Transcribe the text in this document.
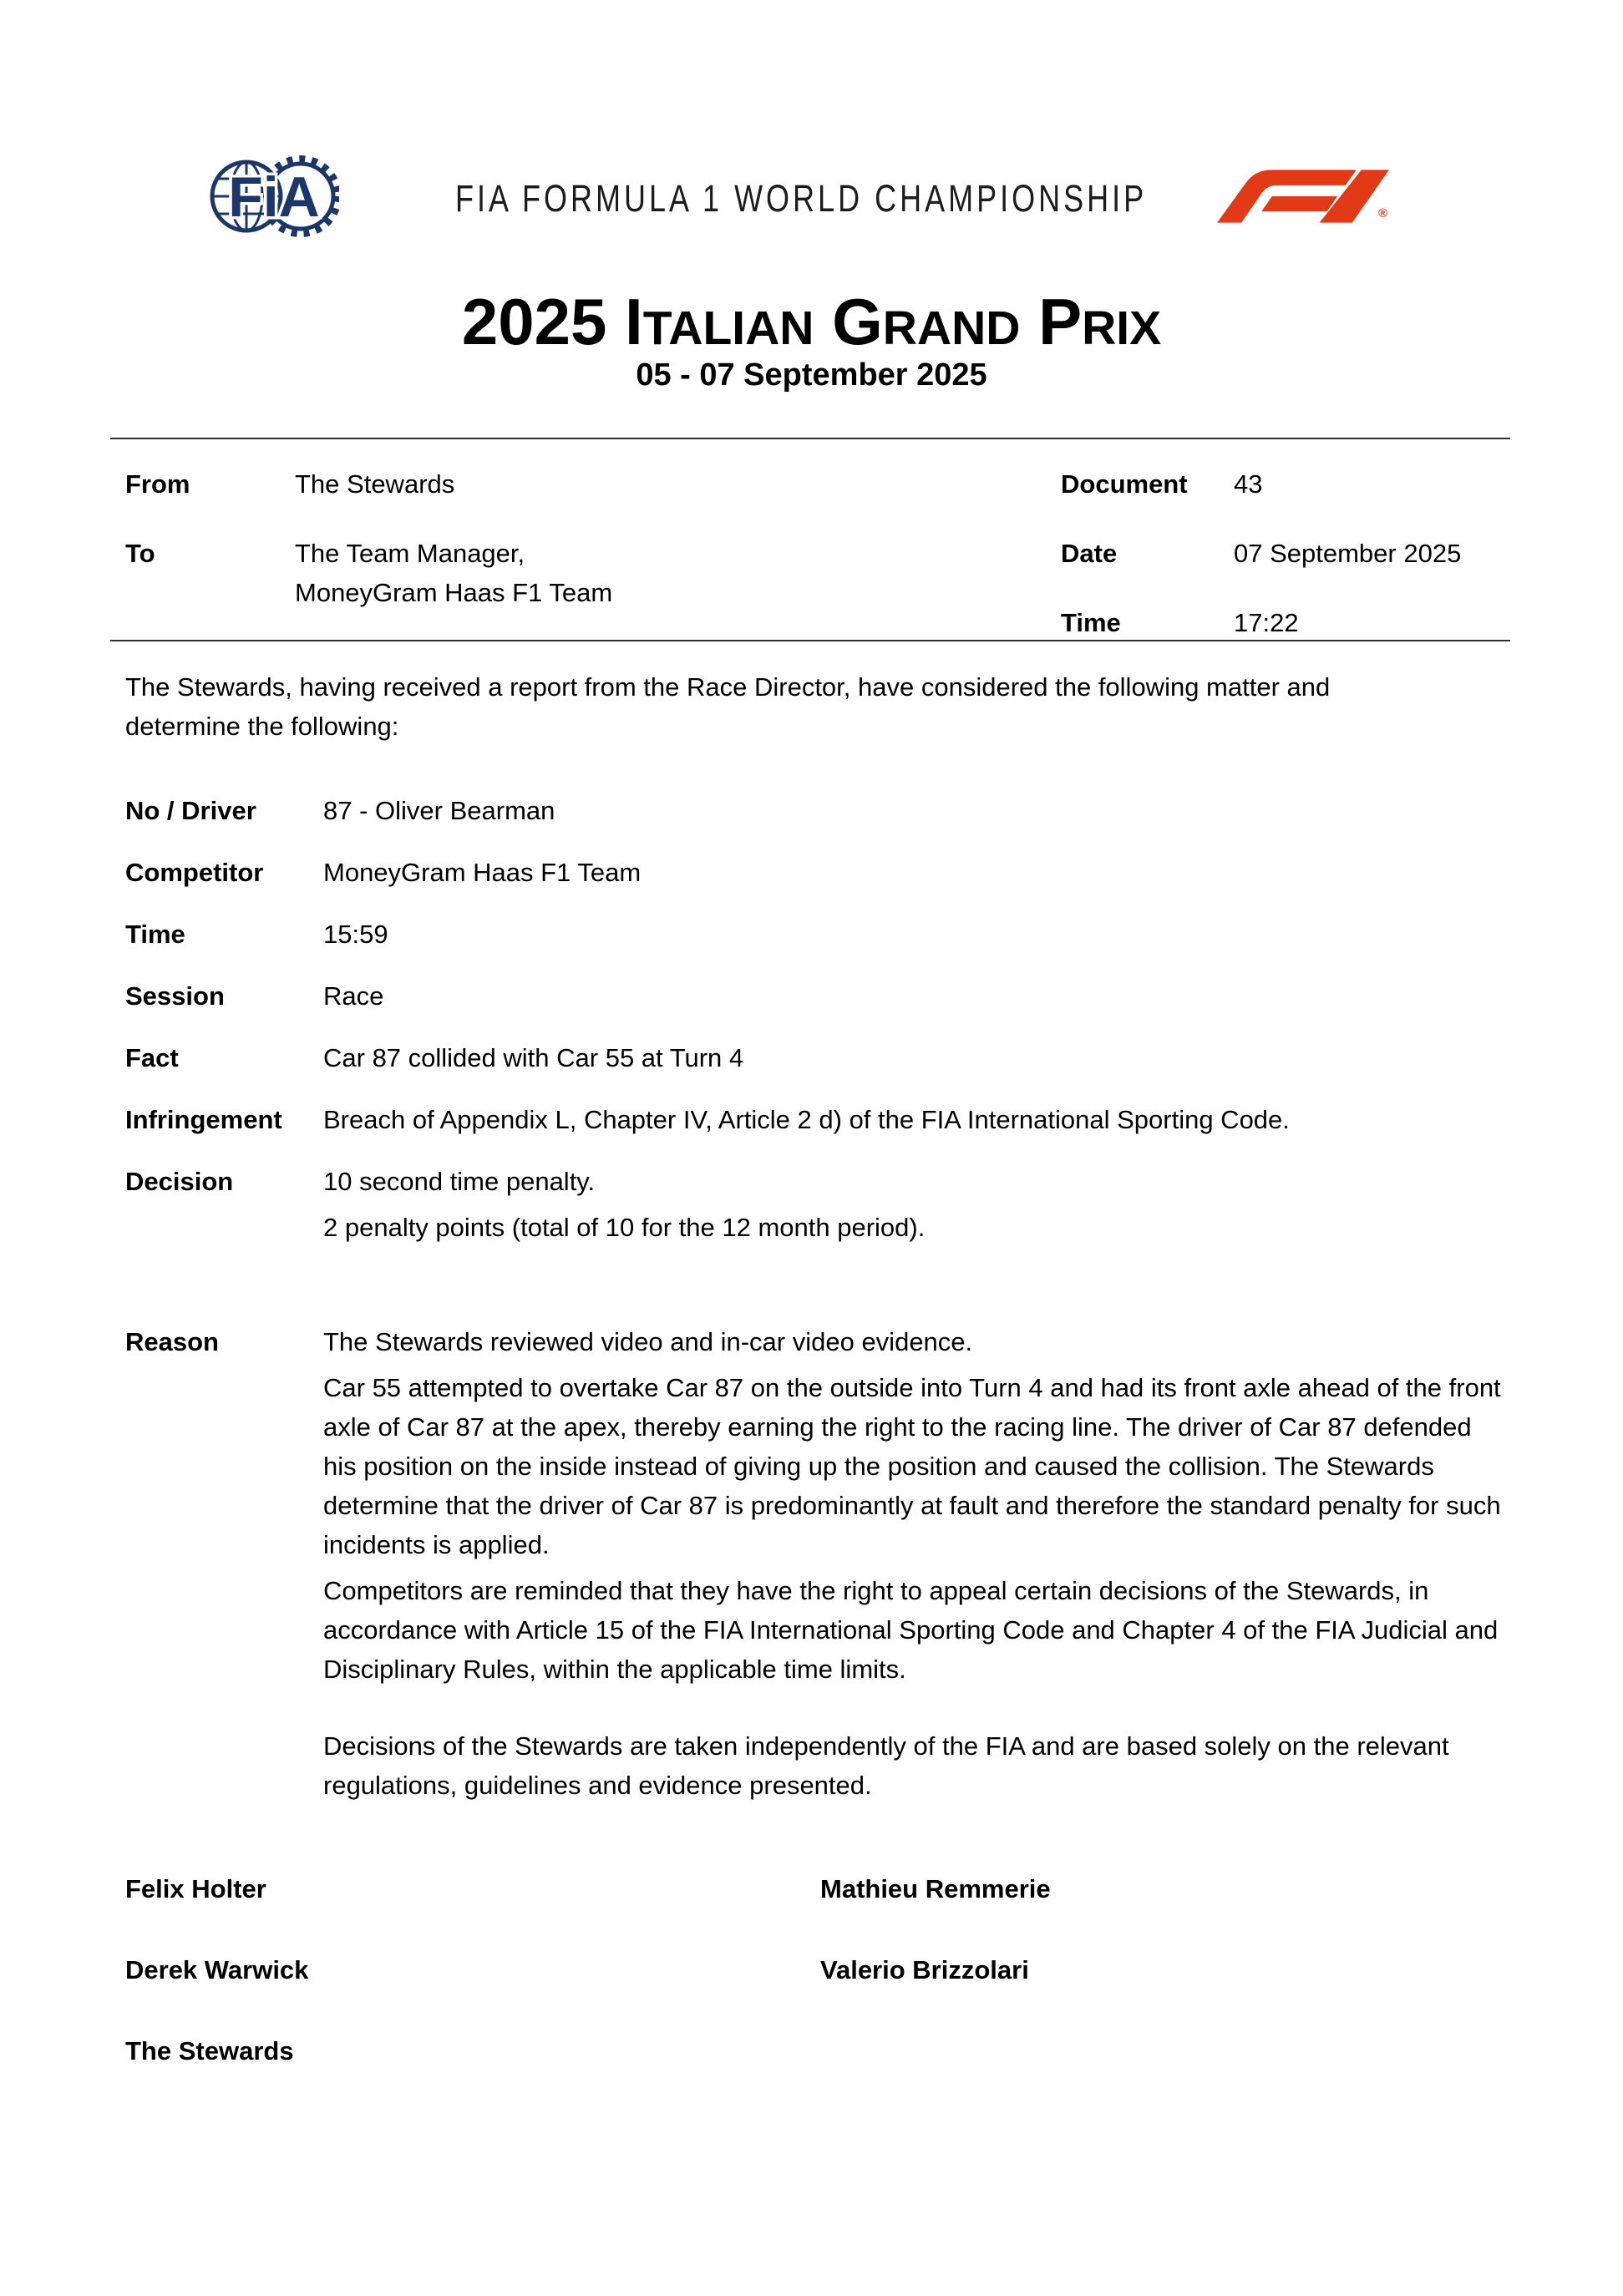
FiA	FIA FORMULA 1 WORLD CHAMPIONSHIP	®
2025 ITALIAN GRAND PRIX
05 - 07 September 2025
From	The Stewards	Document 43
To	The Team Manager,
MoneyGram Haas F1 Team
Date	07 September 2025
Time	17:22
The Stewards, having received a report from the Race Director, have considered the following matter and determine the following:
No / Driver	87 - Oliver Bearman
Competitor	MoneyGram Haas F1 Team
Time	15:59
Session	Race
Fact	Car 87 collided with Car 55 at Turn 4
Infringement	Breach of Appendix L, Chapter IV, Article 2 d) of the FIA International Sporting Code.
Decision	10 second time penalty.
2 penalty points (total of 10 for the 12 month period).
Reason	The Stewards reviewed video and in-car video evidence.
Car 55 attempted to overtake Car 87 on the outside into Turn 4 and had its front axle ahead of the front axle of Car 87 at the apex, thereby earning the right to the racing line. The driver of Car 87 defended his position on the inside instead of giving up the position and caused the collision. The Stewards determine that the driver of Car 87 is predominantly at fault and therefore the standard penalty for such incidents is applied.
Competitors are reminded that they have the right to appeal certain decisions of the Stewards, in accordance with Article 15 of the FIA International Sporting Code and Chapter 4 of the FIA Judicial and Disciplinary Rules, within the applicable time limits.
Decisions of the Stewards are taken independently of the FIA and are based solely on the relevant regulations, guidelines and evidence presented.
Felix Holter	Mathieu Remmerie
Derek Warwick	Valerio Brizzolari
The Stewards
